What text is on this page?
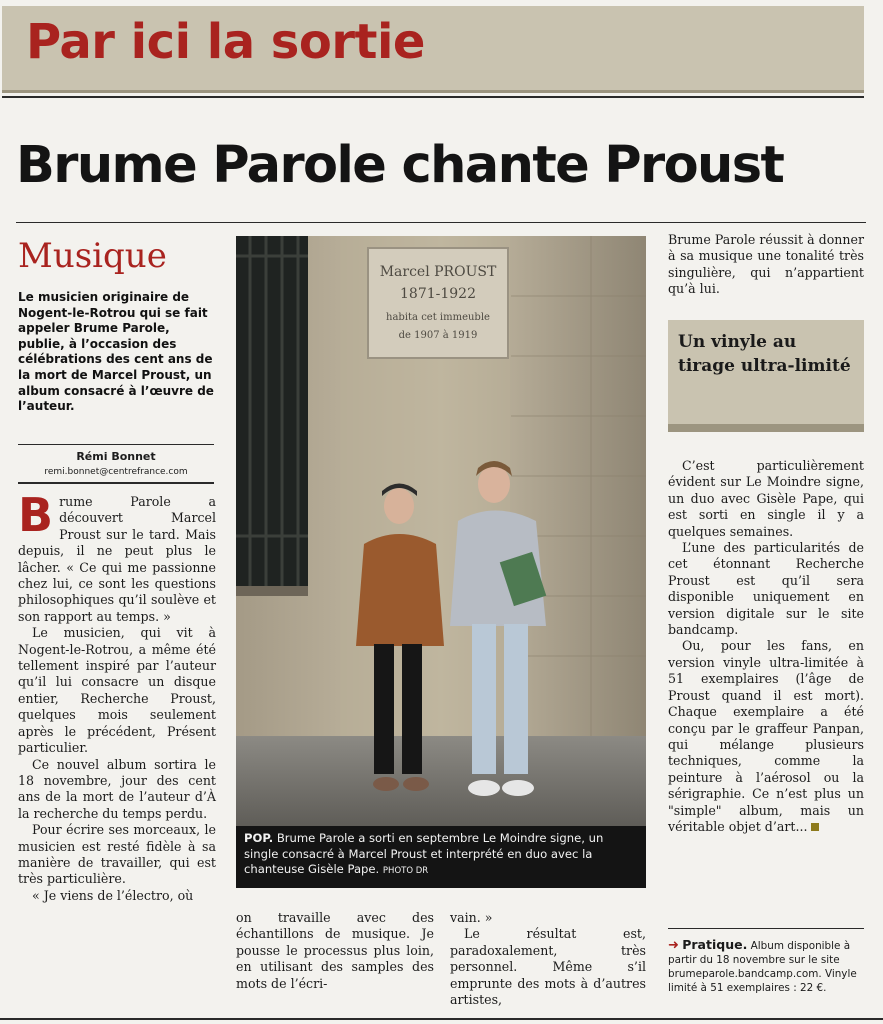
Par ici la sortie
Brume Parole chante Proust
Musique
Le musicien originaire de Nogent-le-Rotrou qui se fait appeler Brume Parole, publie, à l’occasion des célébrations des cent ans de la mort de Marcel Proust, un album consacré à l’œuvre de l’auteur.
Rémi Bonnet
remi.bonnet@centrefrance.com

Brume Parole a découvert Marcel Proust sur le tard. Mais depuis, il ne peut plus le lâcher. « Ce qui me passionne chez lui, ce sont les questions philosophiques qu’il soulève et son rapport au temps. »

Le musicien, qui vit à Nogent-le-Rotrou, a même été tellement inspiré par l’auteur qu’il lui consacre un disque entier, Recherche Proust, quelques mois seulement après le précédent, Présent particulier.

Ce nouvel album sortira le 18 novembre, jour des cent ans de la mort de l’auteur d’À la recherche du temps perdu.

Pour écrire ses morceaux, le musicien est resté fidèle à sa manière de travailler, qui est très particulière.

« Je viens de l’électro, où

Marcel PROUST
1871-1922
habita cet immeuble
de 1907 à 1919
POP. Brume Parole a sorti en septembre Le Moindre signe, un single consacré à Marcel Proust et interprété en duo avec la chanteuse Gisèle Pape. PHOTO DR

on travaille avec des échantillons de musique. Je pousse le processus plus loin, en utilisant des samples des mots de l’écri-

vain. »

Le résultat est, paradoxalement, très personnel. Même s’il emprunte des mots à d’autres artistes,

Brume Parole réussit à donner à sa musique une tonalité très singulière, qui n’appartient qu’à lui.

Un vinyle au tirage ultra-limité

C’est particulièrement évident sur Le Moindre signe, un duo avec Gisèle Pape, qui est sorti en single il y a quelques semaines.

L’une des particularités de cet étonnant Recherche Proust est qu’il sera disponible uniquement en version digitale sur le site bandcamp.

Ou, pour les fans, en version vinyle ultra-limitée à 51 exemplaires (l’âge de Proust quand il est mort). Chaque exemplaire a été conçu par le graffeur Panpan, qui mélange plusieurs techniques, comme la peinture à l’aérosol ou la sérigraphie. Ce n’est plus un "simple" album, mais un véritable objet d’art...

➜ Pratique. Album disponible à partir du 18 novembre sur le site brumeparole.bandcamp.com. Vinyle limité à 51 exemplaires : 22 €.
